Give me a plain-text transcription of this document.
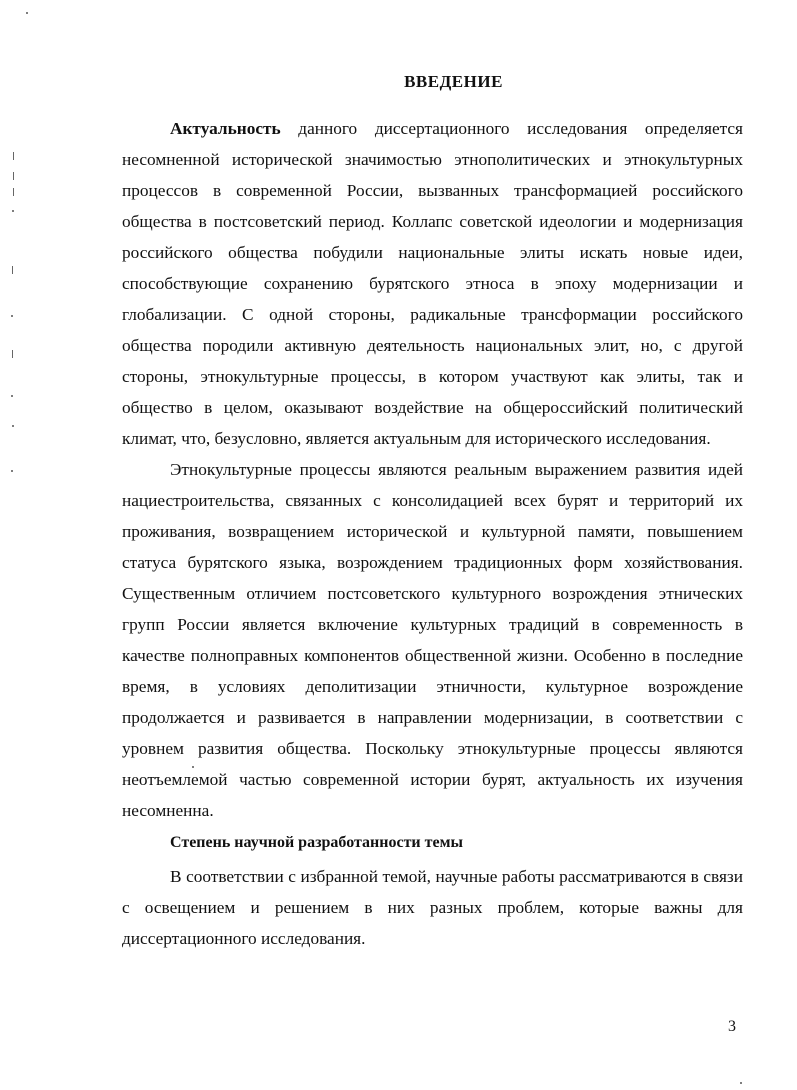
ВВЕДЕНИЕ

Актуальность данного диссертационного исследования определяется несомненной исторической значимостью этнополитических и этнокультурных процессов в современной России, вызванных трансформацией российского общества в постсоветский период. Коллапс советской идеологии и модернизация российского общества побудили национальные элиты искать новые идеи, способствующие сохранению бурятского этноса в эпоху модернизации и глобализации. С одной стороны, радикальные трансформации российского общества породили активную деятельность национальных элит, но, с другой стороны, этнокультурные процессы, в котором участвуют как элиты, так и общество в целом, оказывают воздействие на общероссийский политический климат, что, безусловно, является актуальным для исторического исследования.

Этнокультурные процессы являются реальным выражением развития идей нациестроительства, связанных с консолидацией всех бурят и территорий их проживания, возвращением исторической и культурной памяти, повышением статуса бурятского языка, возрождением традиционных форм хозяйствования. Существенным отличием постсоветского культурного возрождения этнических групп России является включение культурных традиций в современность в качестве полноправных компонентов общественной жизни. Особенно в последние время, в условиях деполитизации этничности, культурное возрождение продолжается и развивается в направлении модернизации, в соответствии с уровнем развития общества. Поскольку этнокультурные процессы являются неотъемлемой частью современной истории бурят, актуальность их изучения несомненна.

Степень научной разработанности темы

В соответствии с избранной темой, научные работы рассматриваются в связи с освещением и решением в них разных проблем, которые важны для диссертационного исследования.

3
